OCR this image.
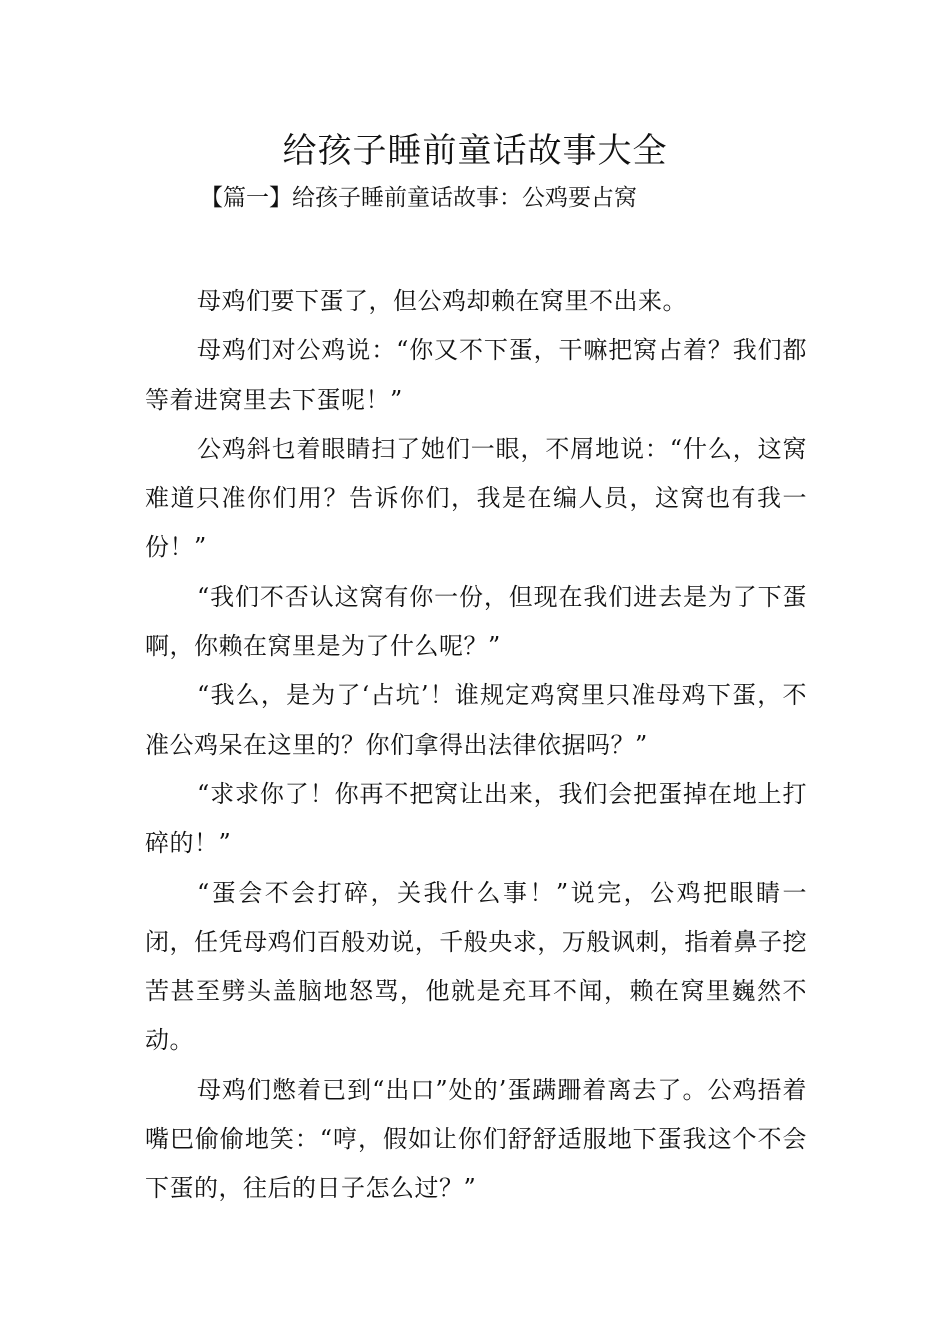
给孩子睡前童话故事大全
【篇一】给孩子睡前童话故事：公鸡要占窝

母鸡们要下蛋了，但公鸡却赖在窝里不出来。

母鸡们对公鸡说：“你又不下蛋，干嘛把窝占着？我们都等着进窝里去下蛋呢！”

公鸡斜乜着眼睛扫了她们一眼，不屑地说：“什么，这窝难道只准你们用？告诉你们，我是在编人员，这窝也有我一份！”

“我们不否认这窝有你一份，但现在我们进去是为了下蛋啊，你赖在窝里是为了什么呢？”

“我么，是为了‘占坑’！谁规定鸡窝里只准母鸡下蛋，不准公鸡呆在这里的？你们拿得出法律依据吗？”

“求求你了！你再不把窝让出来，我们会把蛋掉在地上打碎的！”

“蛋会不会打碎，关我什么事！”说完，公鸡把眼睛一闭，任凭母鸡们百般劝说，千般央求，万般讽刺，指着鼻子挖苦甚至劈头盖脑地怒骂，他就是充耳不闻，赖在窝里巍然不动。

母鸡们憋着已到“出口”处的’蛋蹒跚着离去了。公鸡捂着嘴巴偷偷地笑：“哼，假如让你们舒舒适服地下蛋我这个不会下蛋的，往后的日子怎么过？”
